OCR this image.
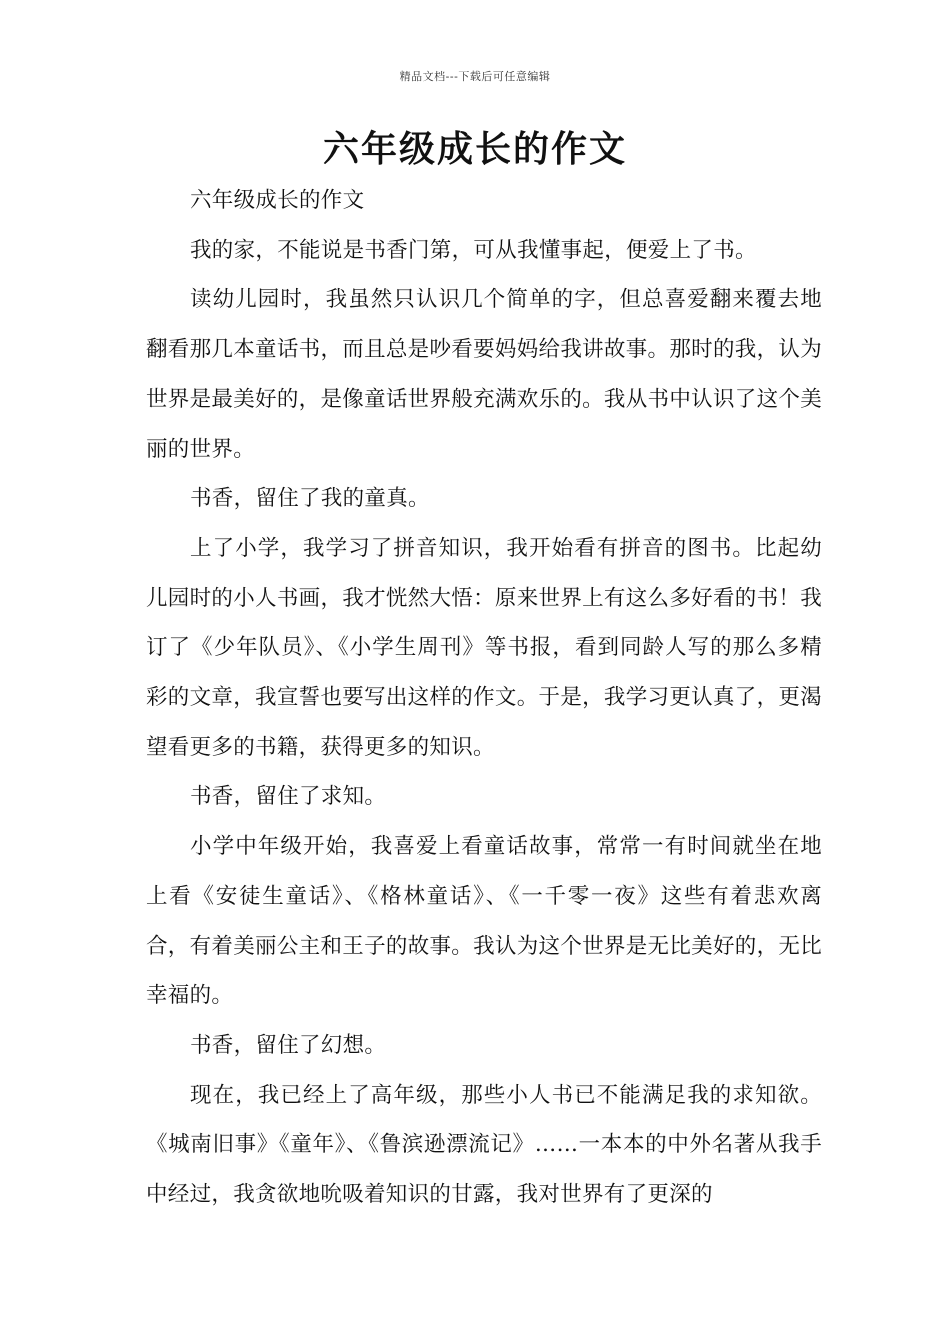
精品文档---下载后可任意编辑
六年级成长的作文

六年级成长的作文

我的家，不能说是书香门第，可从我懂事起，便爱上了书。

读幼儿园时，我虽然只认识几个简单的字，但总喜爱翻来覆去地翻看那几本童话书，而且总是吵看要妈妈给我讲故事。那时的我，认为世界是最美好的，是像童话世界般充满欢乐的。我从书中认识了这个美丽的世界。

书香，留住了我的童真。

上了小学，我学习了拼音知识，我开始看有拼音的图书。比起幼儿园时的小人书画，我才恍然大悟：原来世界上有这么多好看的书！我订了《少年队员》、《小学生周刊》等书报，看到同龄人写的那么多精彩的文章，我宣誓也要写出这样的作文。于是，我学习更认真了，更渴望看更多的书籍，获得更多的知识。

书香，留住了求知。

小学中年级开始，我喜爱上看童话故事，常常一有时间就坐在地上看《安徒生童话》、《格林童话》、《一千零一夜》这些有着悲欢离合，有着美丽公主和王子的故事。我认为这个世界是无比美好的，无比幸福的。

书香，留住了幻想。

现在，我已经上了高年级，那些小人书已不能满足我的求知欲。《城南旧事》《童年》、《鲁滨逊漂流记》……一本本的中外名著从我手中经过，我贪欲地吮吸着知识的甘露，我对世界有了更深的
